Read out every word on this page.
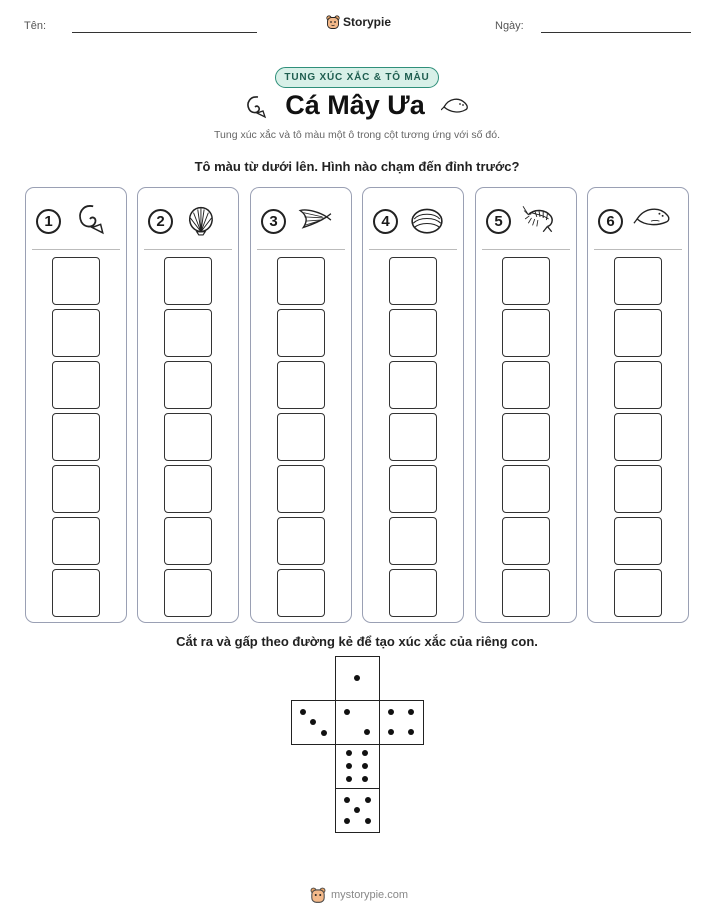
Tên:	Storypie	Ngày:
TUNG XÚC XẮC & TÔ MÀU
Cá Mây Ưa
Tung xúc xắc và tô màu một ô trong cột tương ứng với số đó.
Tô màu từ dưới lên. Hình nào chạm đến đỉnh trước?
1	2	3	4	5	6
Cắt ra và gấp theo đường kẻ để tạo xúc xắc của riêng con.
mystorypie.com
